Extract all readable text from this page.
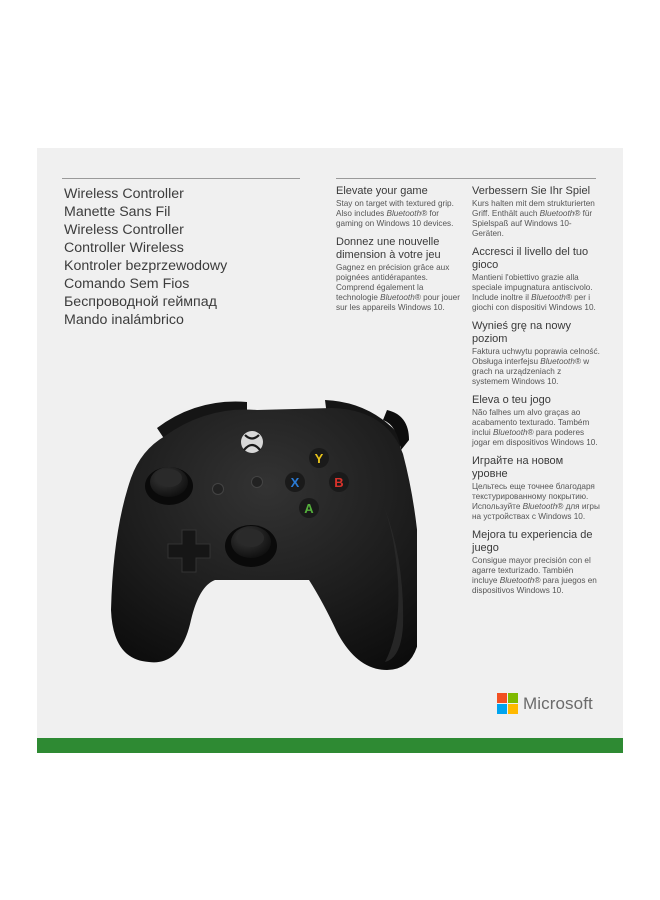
Wireless Controller
Manette Sans Fil
Wireless Controller
Controller Wireless
Kontroler bezprzewodowy
Comando Sem Fios
Беспроводной геймпад
Mando inalámbrico
Elevate your game

Stay on target with textured grip. Also includes Bluetooth® for gaming on Windows 10 devices.

Donnez une nouvelle dimension à votre jeu

Gagnez en précision grâce aux poignées antidérapantes. Comprend également la technologie Bluetooth® pour jouer sur les appareils Windows 10.

Verbessern Sie Ihr Spiel

Kurs halten mit dem strukturierten Griff. Enthält auch Bluetooth® für Spielspaß auf Windows 10-Geräten.

Accresci il livello del tuo gioco

Mantieni l'obiettivo grazie alla speciale impugnatura antiscivolo. Include inoltre il Bluetooth® per i giochi con dispositivi Windows 10.

Wyniеś grę na nowy poziom

Faktura uchwytu poprawia celność. Obsługa interfejsu Bluetooth® w grach na urządzeniach z systemem Windows 10.

Eleva o teu jogo

Não falhes um alvo graças ao acabamento texturado. Também inclui Bluetooth® para poderes jogar em dispositivos Windows 10.

Играйте на новом уровне

Цельтесь еще точнее благодаря текстурированному покрытию. Используйте Bluetooth® для игры на устройствах с Windows 10.

Mejora tu experiencia de juego

Consigue mayor precisión con el agarre texturizado. También incluye Bluetooth® para juegos en dispositivos Windows 10.

Y
B
X
A
Microsoft
